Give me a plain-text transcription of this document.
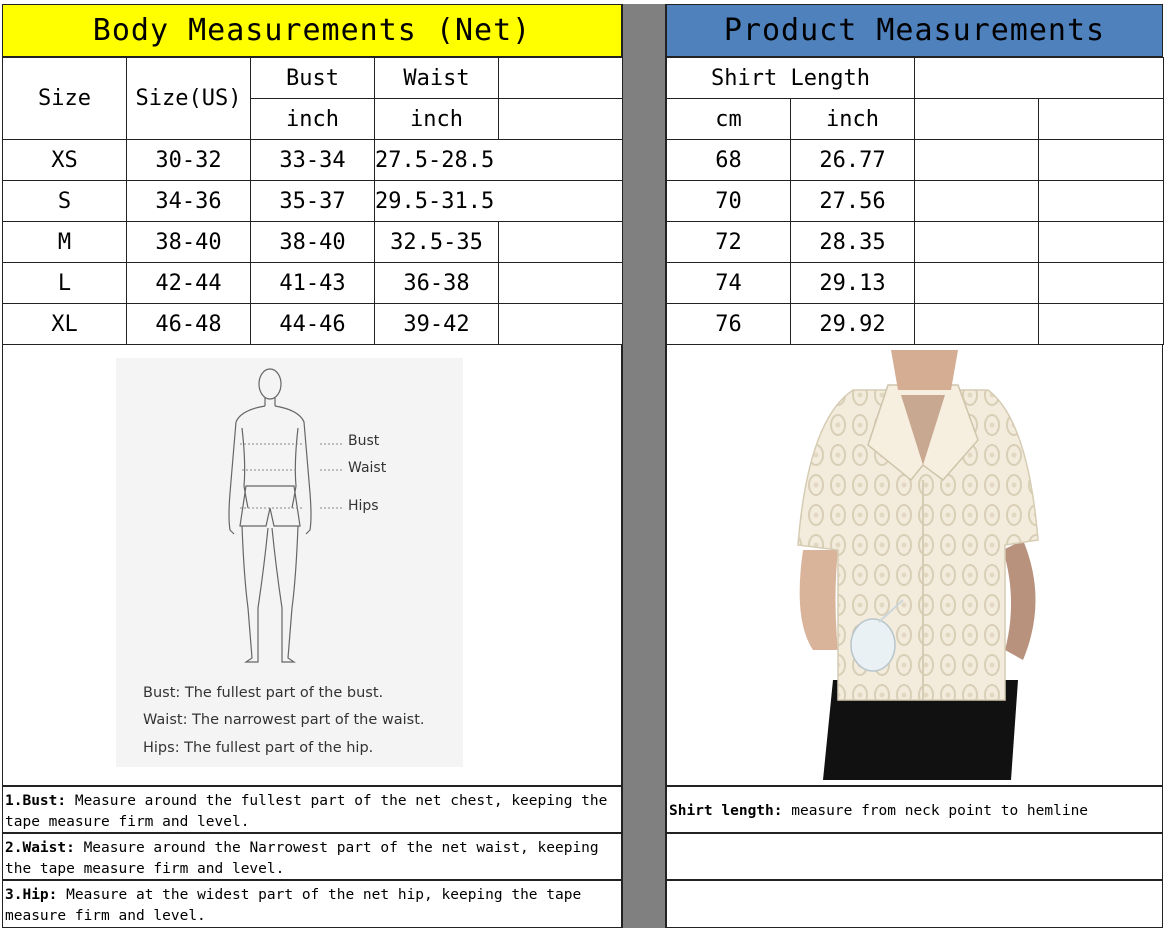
Body Measurements (Net)	Product Measurements
Size	Size(US)	Bust	Waist	
		inch	inch	
XS	30-32	33-34	27.5-28.5	
S	34-36	35-37	29.5-31.5	
M	38-40	38-40	32.5-35	
L	42-44	41-43	36-38	
XL	46-48	44-46	39-42	
Shirt Length			
cm	inch		
68	26.77		
70	27.56		
72	28.35		
74	29.13		
76	29.92		
Bust
Waist
Hips
Bust: The fullest part of the bust.
Waist: The narrowest part of the waist.
Hips: The fullest part of the hip.
1.Bust: Measure around the fullest part of the net chest, keeping the tape measure firm and level.
2.Waist: Measure around the Narrowest part of the net waist, keeping the tape measure firm and level.
3.Hip: Measure at the widest part of the net hip, keeping the tape measure firm and level.
Shirt length: measure from neck point to hemline
